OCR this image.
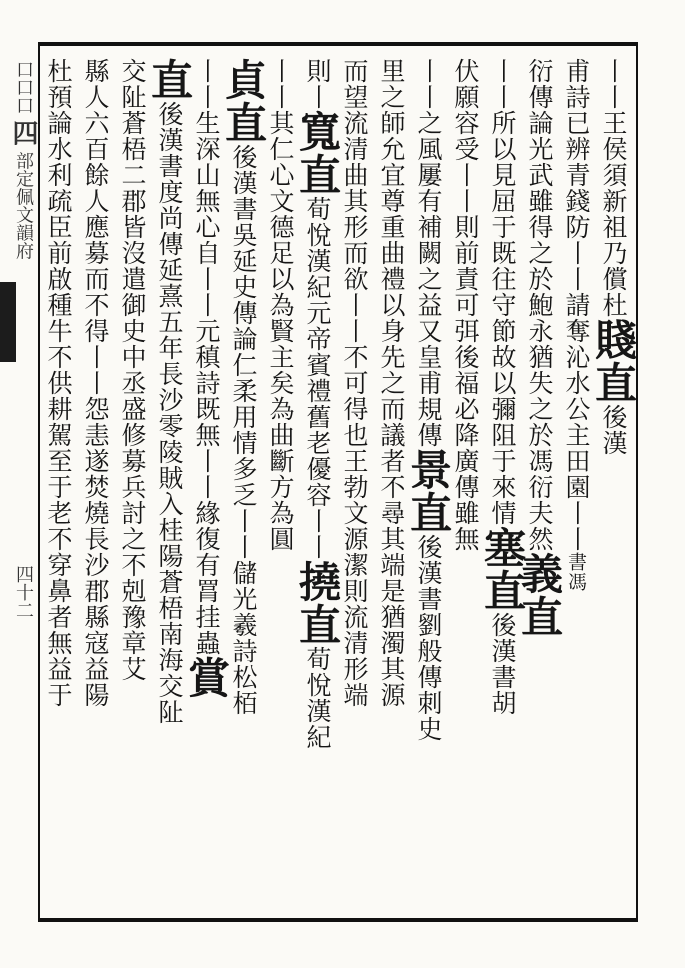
口口口 四 部定佩文韻府 四十二
丨丨王侯須新祖乃償杜賤直後漢
甫詩已辨青錢防丨丨請奪沁水公主田園丨丨書馮
衍傳論光武雖得之於鮑永猶失之於馮衍夫然義直
丨丨所以見屈于既往守節故以彌阻于來情塞直後漢書胡
伏願容受丨丨則前責可弭後福必降廣傳雖無
丨丨之風屢有補闕之益又皇甫規傳景直後漢書劉般傳刺史
里之師允宜尊重曲禮以身先之而議者不尋其端是猶濁其源
而望流清曲其形而欲丨丨不可得也王勃文源潔則流清形端
則丨寬直荀悅漢紀元帝賓禮舊老優容丨丨撓直荀悅漢紀
丨丨其仁心文德足以為賢主矣為曲斷方為圓
貞直後漢書吳延史傳論仁柔用情多乏丨丨儲光羲詩松栢
丨丨生深山無心自丨丨元稹詩既無丨丨緣復有罥挂蟲賞
直後漢書度尚傳延熹五年長沙零陵賊入桂陽蒼梧南海交阯
交阯蒼梧二郡皆沒遣御史中丞盛修募兵討之不剋豫章艾
縣人六百餘人應募而不得丨丨怨恚遂焚燒長沙郡縣寇益陽
杜預論水利疏臣前啟種牛不供耕駕至于老不穿鼻者無益于
